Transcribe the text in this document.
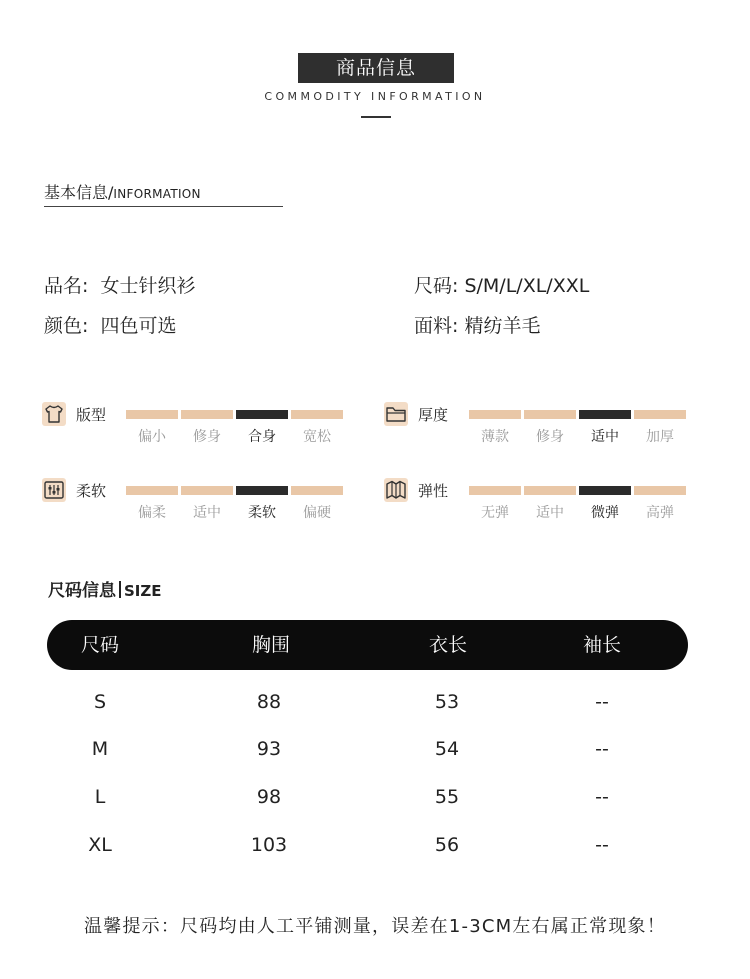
商品信息
COMMODITY INFORMATION
基本信息/INFORMATION
品名: 女士针织衫	尺码: S/M/L/XL/XXL
颜色: 四色可选	面料: 精纺羊毛
版型
偏小	修身	合身	宽松
厚度
薄款	修身	适中	加厚
柔软
偏柔	适中	柔软	偏硬
弹性
无弹	适中	微弹	高弹
尺码信息 SIZE
尺码	胸围	衣长	袖长
S	88	53	--
M	93	54	--
L	98	55	--
XL	103	56	--
温馨提示：尺码均由人工平铺测量，误差在1-3CM左右属正常现象！
